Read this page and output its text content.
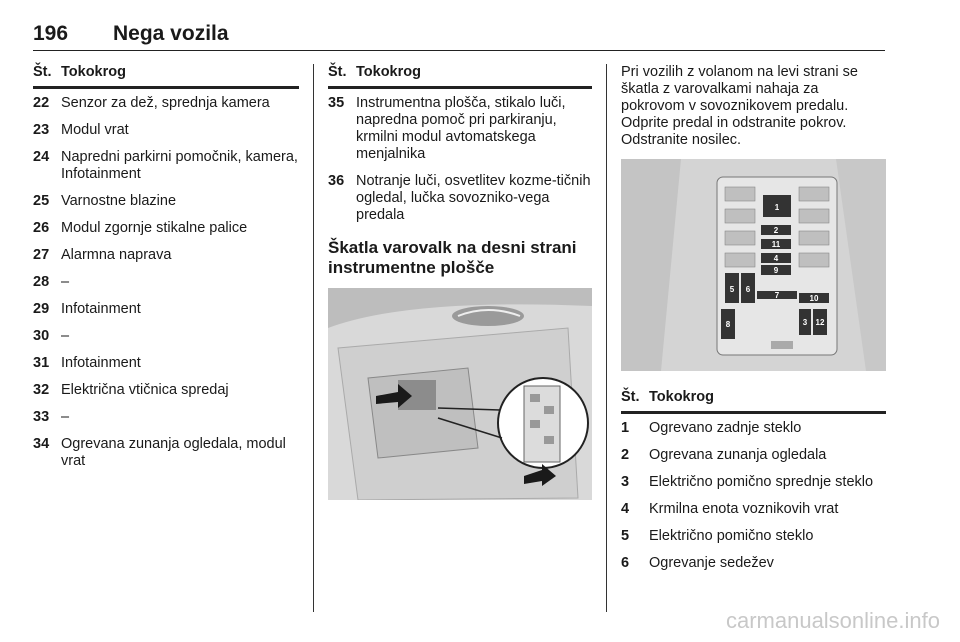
196 Nega vozila
Št. Tokokrog
22 Senzor za dež, sprednja kamera
23 Modul vrat
24 Napredni parkirni pomočnik, kamera, Infotainment
25 Varnostne blazine
26 Modul zgornje stikalne palice
27 Alarmna naprava
28 –
29 Infotainment
30 –
31 Infotainment
32 Električna vtičnica spredaj
33 –
34 Ogrevana zunanja ogledala, modul vrat
Št. Tokokrog
35 Instrumentna plošča, stikalo luči, napredna pomoč pri parkiranju, krmilni modul avtomatskega menjalnika
36 Notranje luči, osvetlitev kozme-tičnih ogledal, lučka sovozniko-vega predala
Škatla varovalk na desni strani instrumentne plošče

Pri vozilih z volanom na levi strani se škatla z varovalkami nahaja za pokrovom v sovoznikovem predalu. Odprite predal in odstranite pokrov. Odstranite nosilec.

1
2
11
4
9
5 6
7	10
8	3 12
Št. Tokokrog
1	Ogrevano zadnje steklo
2	Ogrevana zunanja ogledala
3	Električno pomično sprednje steklo
4	Krmilna enota voznikovih vrat
5	Električno pomično steklo
6	Ogrevanje sedežev
carmanualsonline.info
